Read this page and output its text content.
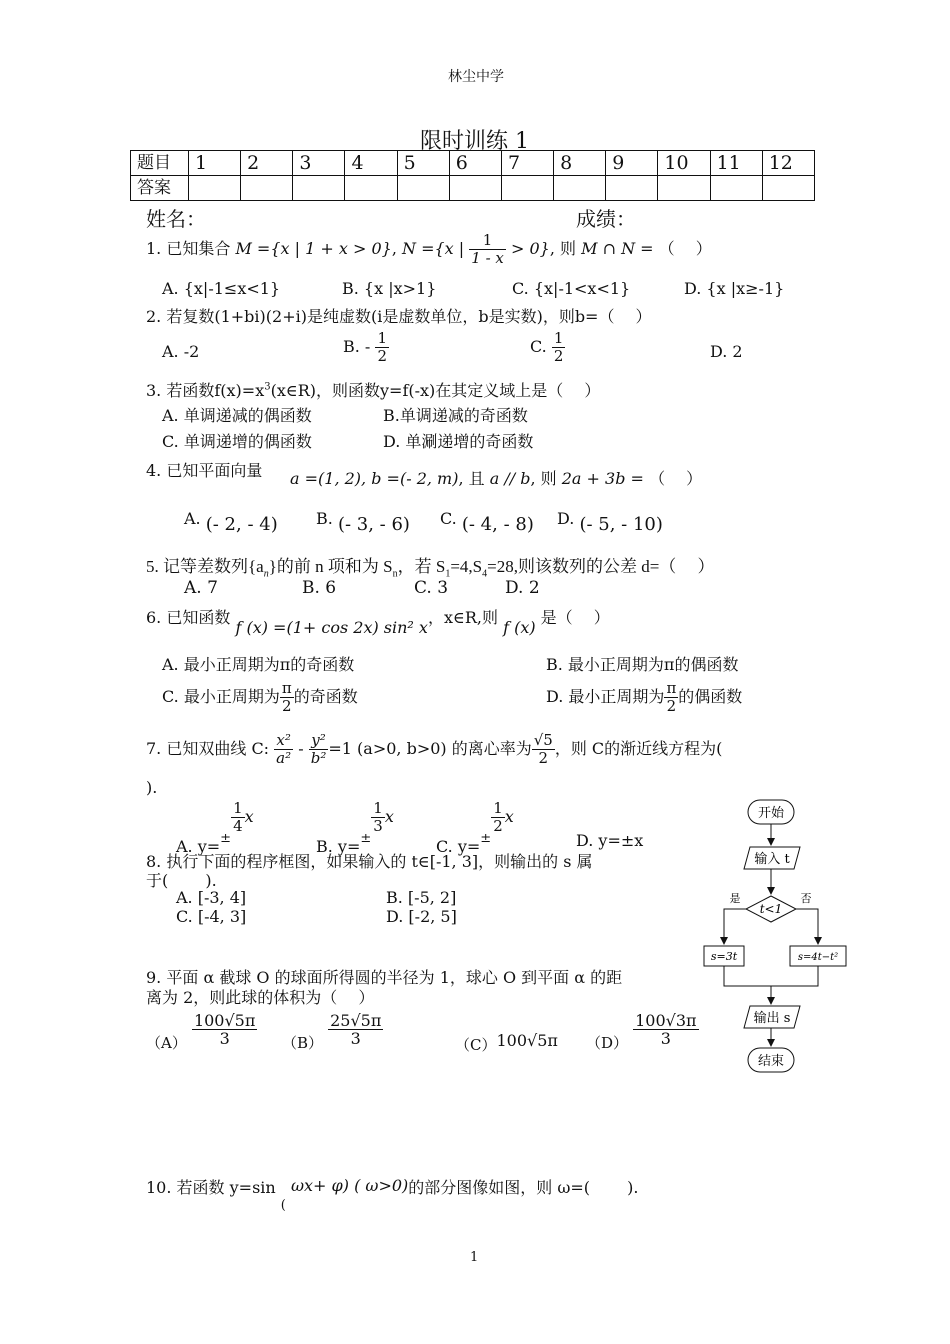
林尘中学
限时训练 1
题目	1	2	3	4	5	6	7	8	9	10	11	12
答案												
姓名：	成绩：
1. 已知集合 M ={x | 1 + x > 0}, N ={x | $\frac{1}{1 - x} > 0$}, 则 M ∩ N = （　 ）
A. {x|-1≤x<1}	B. {x |x>1}	C. {x|-1<x<1}	D. {x |x≥-1}
2. 若复数(1+bi)(2+i)是纯虚数(i是虚数单位，b是实数)，则b=（　 ）
A. -2	B. - $\frac{1}{2}$	C. $\frac{1}{2}$	D. 2
3. 若函数$f(x)=x^3(x\in R)$，则函数y=f(-x)在其定义域上是（　 ）
A. 单调递减的偶函数	B.单调递减的奇函数
C. 单调递增的偶函数	D. 单涮递增的奇函数
4. 已知平面向量 a =(1, 2), b =(- 2, m), 且 a // b, 则 2a + 3b = （　 ）
A. (- 2, - 4) B. (- 3, - 6) C. (- 4, - 8) D. (- 5, - 10)
5. 记等差数列$\{a_n\}$的前 n 项和为 $S_n$，若 $S_1=4,S_4=28$,则该数列的公差 d=（　 ）
A. 7	B. 6	C. 3	D. 2
6. 已知函数 f (x) =(1+ cos 2x) sin² x，x∈R,则 f (x) 是（　 ）
A. 最小正周期为π的奇函数	B. 最小正周期为π的偶函数
C. 最小正周期为 $\frac{\pi}{2}$ 的奇函数	D. 最小正周期为 $\frac{\pi}{2}$ 的偶函数
7. 已知双曲线 C: $\frac{\text{x²}}{\text{a²}} - \frac{\text{y²}}{\text{b²}} =1$ (a>0, b>0) 的离心率为 $\frac{√5}{2}$ ，则 C的渐近线方程为(
).
A. $y=_\pm$
$\frac{1}{4}$ x
B. $y=_\pm$
$\frac{1}{3}$ x
C. $y=_\pm$
$\frac{1}{2}$ x
D. y=±x
8. 执行下面的程序框图，如果输入的 t∈[-1, 3]，则输出的 s 属
于(　　 ).
A. [-3, 4]	B. [-5, 2]
C. [-4, 3]	D. [-2, 5]
开始
输入 t
t<1
是	否
s=3t	s=4t−t²
输出 s
结束
9. 平面 α 截球 O 的球面所得圆的半径为 1，球心 O 到平面 α 的距
离为 2，则此球的体积为（　 ）
$(A) \frac{100√5\pi}{3} (B) \frac{25√5\pi}{3}$	（C）100√5π $(D) \frac{100√3\pi}{3}$
10. 若函数 y=sin $_($ ωx+ φ) ( ω>0)的部分图像如图，则 ω=(　　 ).
1
